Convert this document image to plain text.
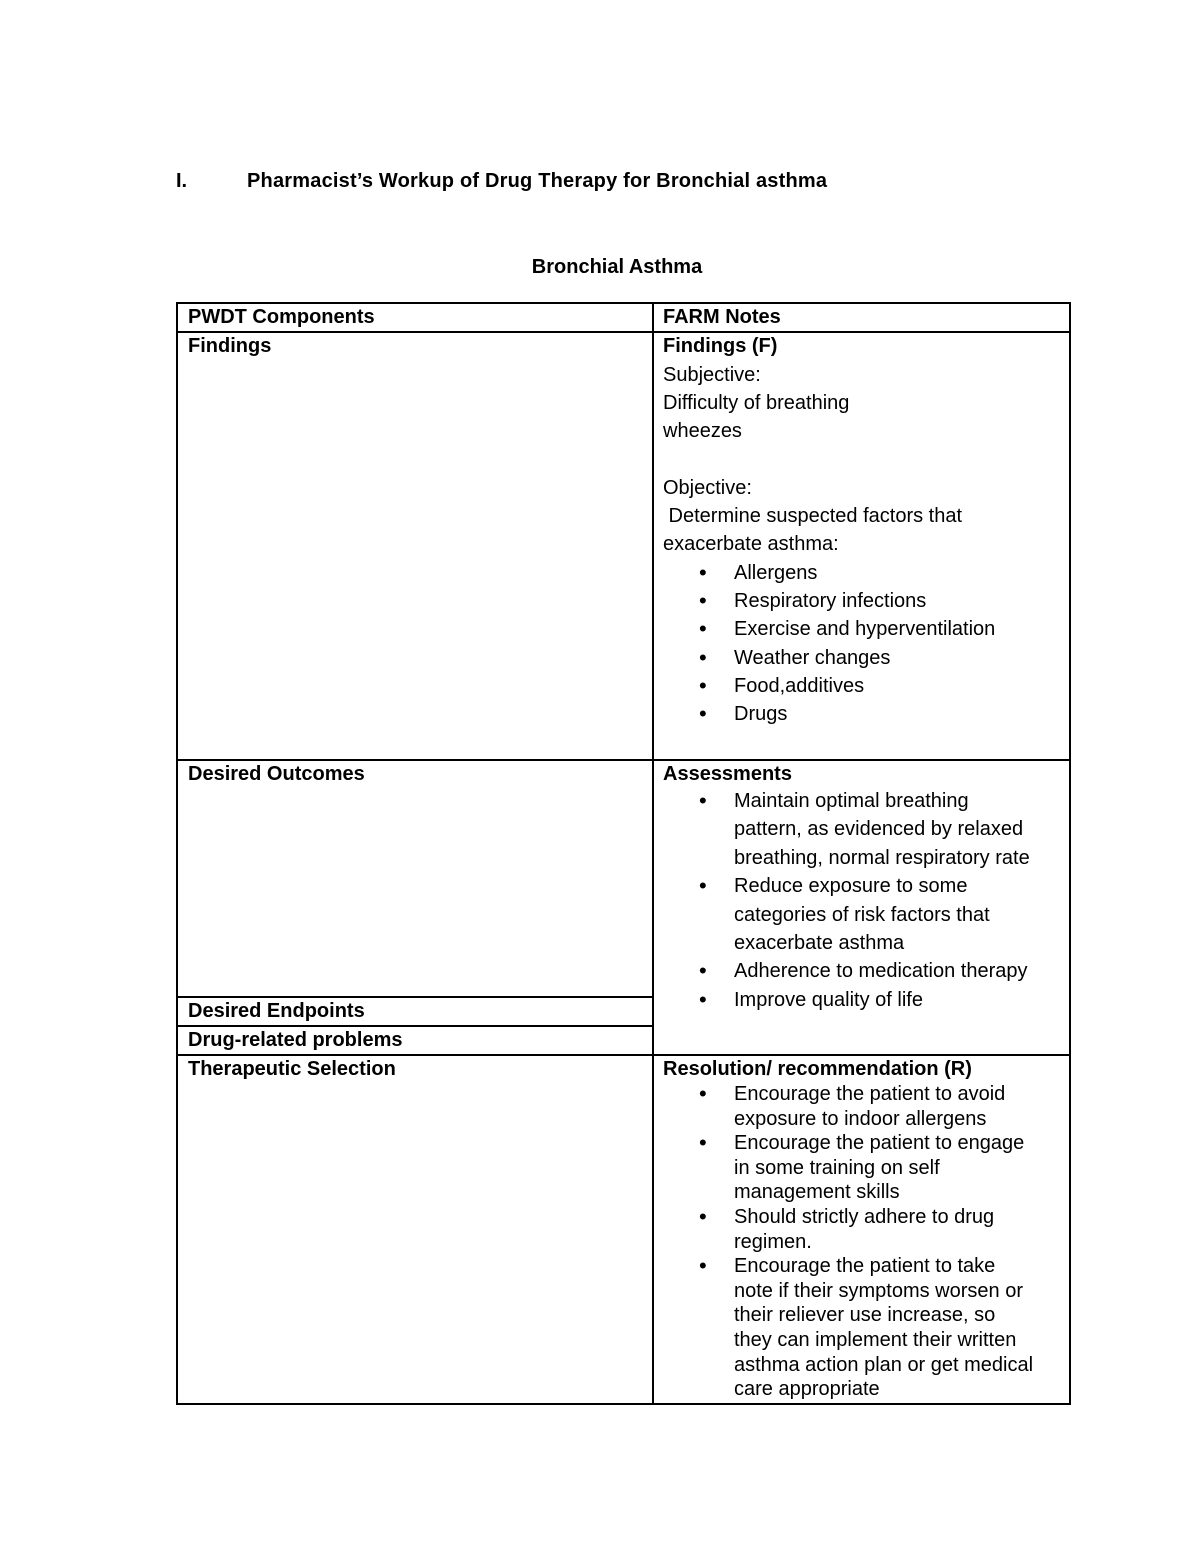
I.	Pharmacist’s Workup of Drug Therapy for Bronchial asthma
Bronchial Asthma
PWDT Components	FARM Notes
Findings
Desired Outcomes
Desired Endpoints
Drug-related problems
Therapeutic Selection
Findings (F)
Subjective:
Difficulty of breathing
wheezes

Objective:
Determine suspected factors that
exacerbate asthma:
• Allergens
• Respiratory infections
• Exercise and hyperventilation
• Weather changes
• Food,additives
• Drugs
Assessments
• Maintain optimal breathing
pattern, as evidenced by relaxed
breathing, normal respiratory rate
• Reduce exposure to some
categories of risk factors that
exacerbate asthma
• Adherence to medication therapy
• Improve quality of life
Resolution/ recommendation (R)
• Encourage the patient to avoid
exposure to indoor allergens
• Encourage the patient to engage
in some training on self
management skills
• Should strictly adhere to drug
regimen.
• Encourage the patient to take
note if their symptoms worsen or
their reliever use increase, so
they can implement their written
asthma action plan or get medical
care appropriate
